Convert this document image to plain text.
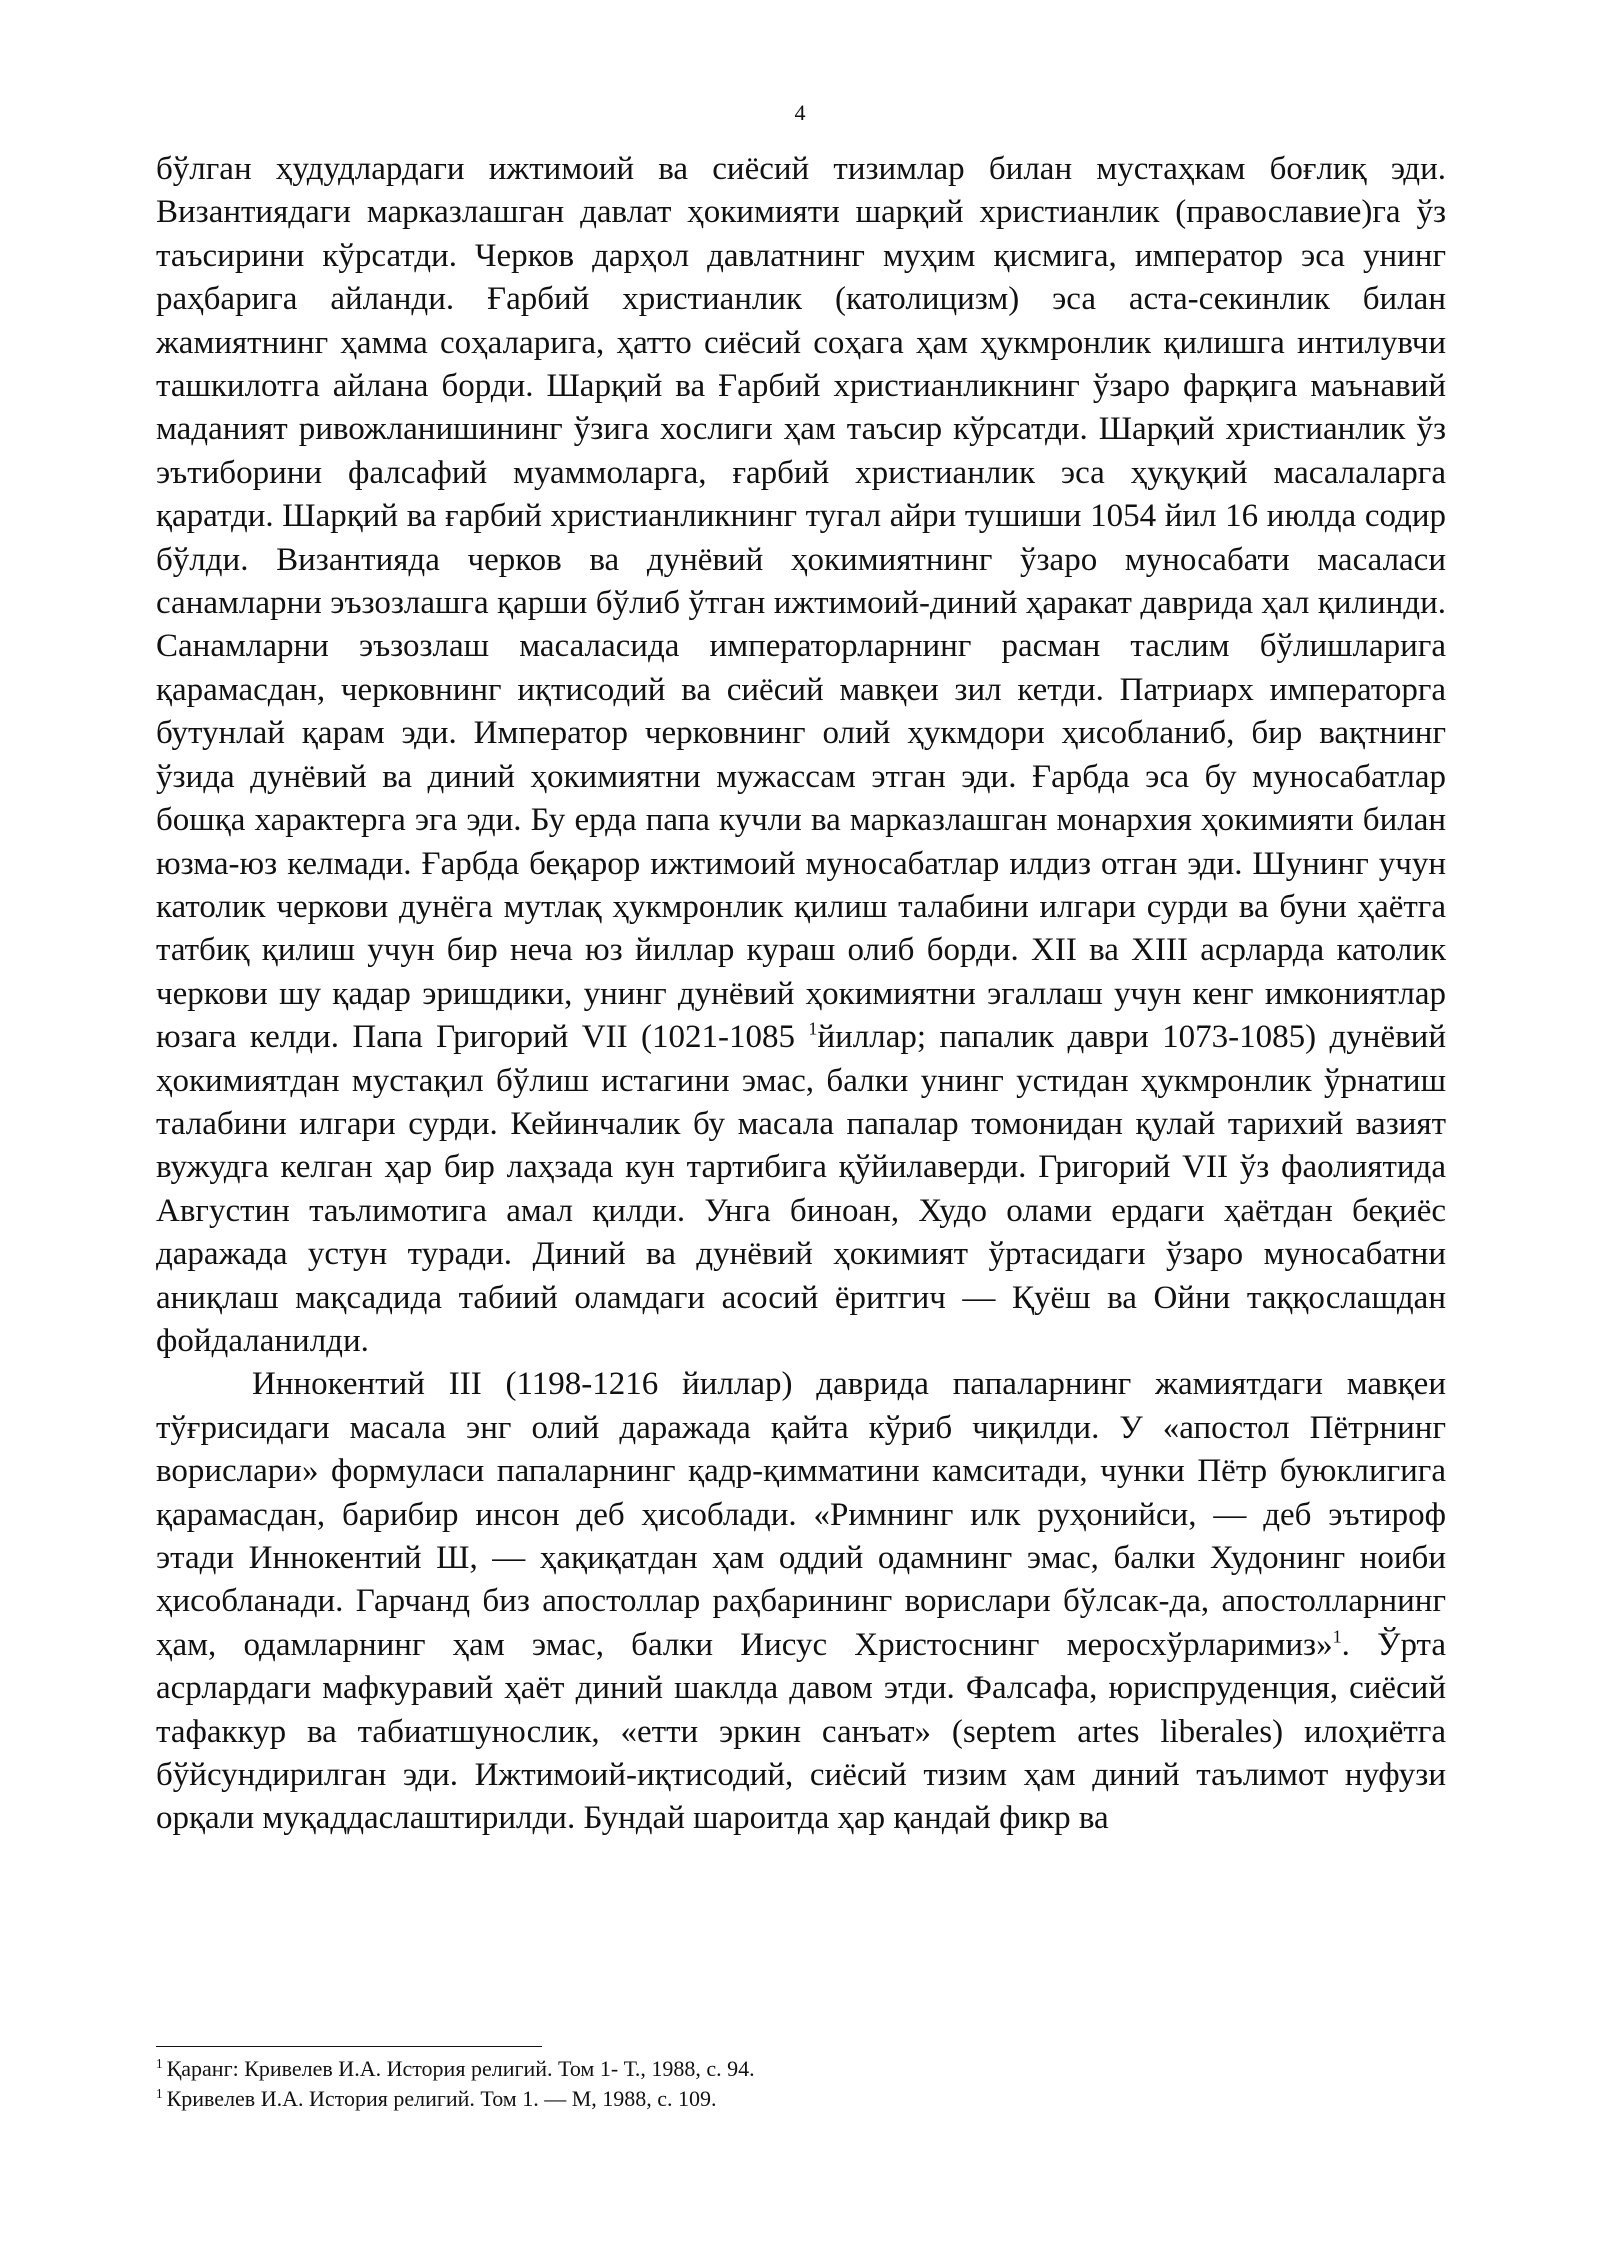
4

бўлган ҳудудлардаги ижтимоий ва сиёсий тизимлар билан мустаҳкам боғлиқ эди. Византиядаги марказлашган давлат ҳокимияти шарқий христианлик (православие)га ўз таъсирини кўрсатди. Черков дарҳол давлатнинг муҳим қисмига, император эса унинг раҳбарига айланди. Ғарбий христианлик (католицизм) эса аста-секинлик билан жамиятнинг ҳамма соҳаларига, ҳатто сиёсий соҳага ҳам ҳукмронлик қилишга интилувчи ташкилотга айлана борди. Шарқий ва Ғарбий христианликнинг ўзаро фарқига маънавий маданият ривожланишининг ўзига хослиги ҳам таъсир кўрсатди. Шарқий христианлик ўз эътиборини фалсафий муаммоларга, ғарбий христианлик эса ҳуқуқий масалаларга қаратди. Шарқий ва ғарбий христианликнинг тугал айри тушиши 1054 йил 16 июлда содир бўлди. Византияда черков ва дунёвий ҳокимиятнинг ўзаро муносабати масаласи санамларни эъзозлашга қарши бўлиб ўтган ижтимоий-диний ҳаракат даврида ҳал қилинди. Санамларни эъзозлаш масаласида императорларнинг расман таслим бўлишларига қарамасдан, черковнинг иқтисодий ва сиёсий мавқеи зил кетди. Патриарх императорга бутунлай қарам эди. Император черковнинг олий ҳукмдори ҳисобланиб, бир вақтнинг ўзида дунёвий ва диний ҳокимиятни мужассам этган эди. Ғарбда эса бу муносабатлар бошқа характерга эга эди. Бу ерда папа кучли ва марказлашган монархия ҳокимияти билан юзма-юз келмади. Ғарбда беқарор ижтимоий муносабатлар илдиз отган эди. Шунинг учун католик черкови дунёга мутлақ ҳукмронлик қилиш талабини илгари сурди ва буни ҳаётга татбиқ қилиш учун бир неча юз йиллар кураш олиб борди. XII ва XIII асрларда католик черкови шу қадар эришдики, унинг дунёвий ҳокимиятни эгаллаш учун кенг имкониятлар юзага келди. Папа Григорий VII (1021-1085 $^1$йиллар; папалик даври 1073-1085) дунёвий ҳокимиятдан мустақил бўлиш истагини эмас, балки унинг устидан ҳукмронлик ўрнатиш талабини илгари сурди. Кейинчалик бу масала папалар томонидан қулай тарихий вазият вужудга келган ҳар бир лаҳзада кун тартибига қўйилаверди. Григорий VII ўз фаолиятида Августин таълимотига амал қилди. Унга биноан, Худо олами ердаги ҳаётдан беқиёс даражада устун туради. Диний ва дунёвий ҳокимият ўртасидаги ўзаро муносабатни аниқлаш мақсадида табиий оламдаги асосий ёритгич — Қуёш ва Ойни таққослашдан фойдаланилди.

Иннокентий III (1198-1216 йиллар) даврида папаларнинг жамиятдаги мавқеи тўғрисидаги масала энг олий даражада қайта кўриб чиқилди. У «апостол Пётрнинг ворислари» формуласи папаларнинг қадр-қимматини камситади, чунки Пётр буюклигига қарамасдан, барибир инсон деб ҳисоблади. «Римнинг илк руҳонийси, — деб эътироф этади Иннокентий Ш, — ҳақиқатдан ҳам оддий одамнинг эмас, балки Худонинг ноиби ҳисобланади. Гарчанд биз апостоллар раҳбарининг ворислари бўлсак-да, апостолларнинг ҳам, одамларнинг ҳам эмас, балки Иисус Христоснинг меросхўрларимиз»$^1$. Ўрта асрлардаги мафкуравий ҳаёт диний шаклда давом этди. Фалсафа, юриспруденция, сиёсий тафаккур ва табиатшунослик, «етти эркин санъат» (septem artes liberales) илоҳиётга бўйсундирилган эди. Ижтимоий-иқтисодий, сиёсий тизим ҳам диний таълимот нуфузи орқали муқаддаслаштирилди. Бундай шароитда ҳар қандай фикр ва

$^1$ Қаранг: Кривелев И.А. История религий. Том 1- Т., 1988, с. 94.
$^1$ Кривелев И.А. История религий. Том 1. — М, 1988, с. 109.
